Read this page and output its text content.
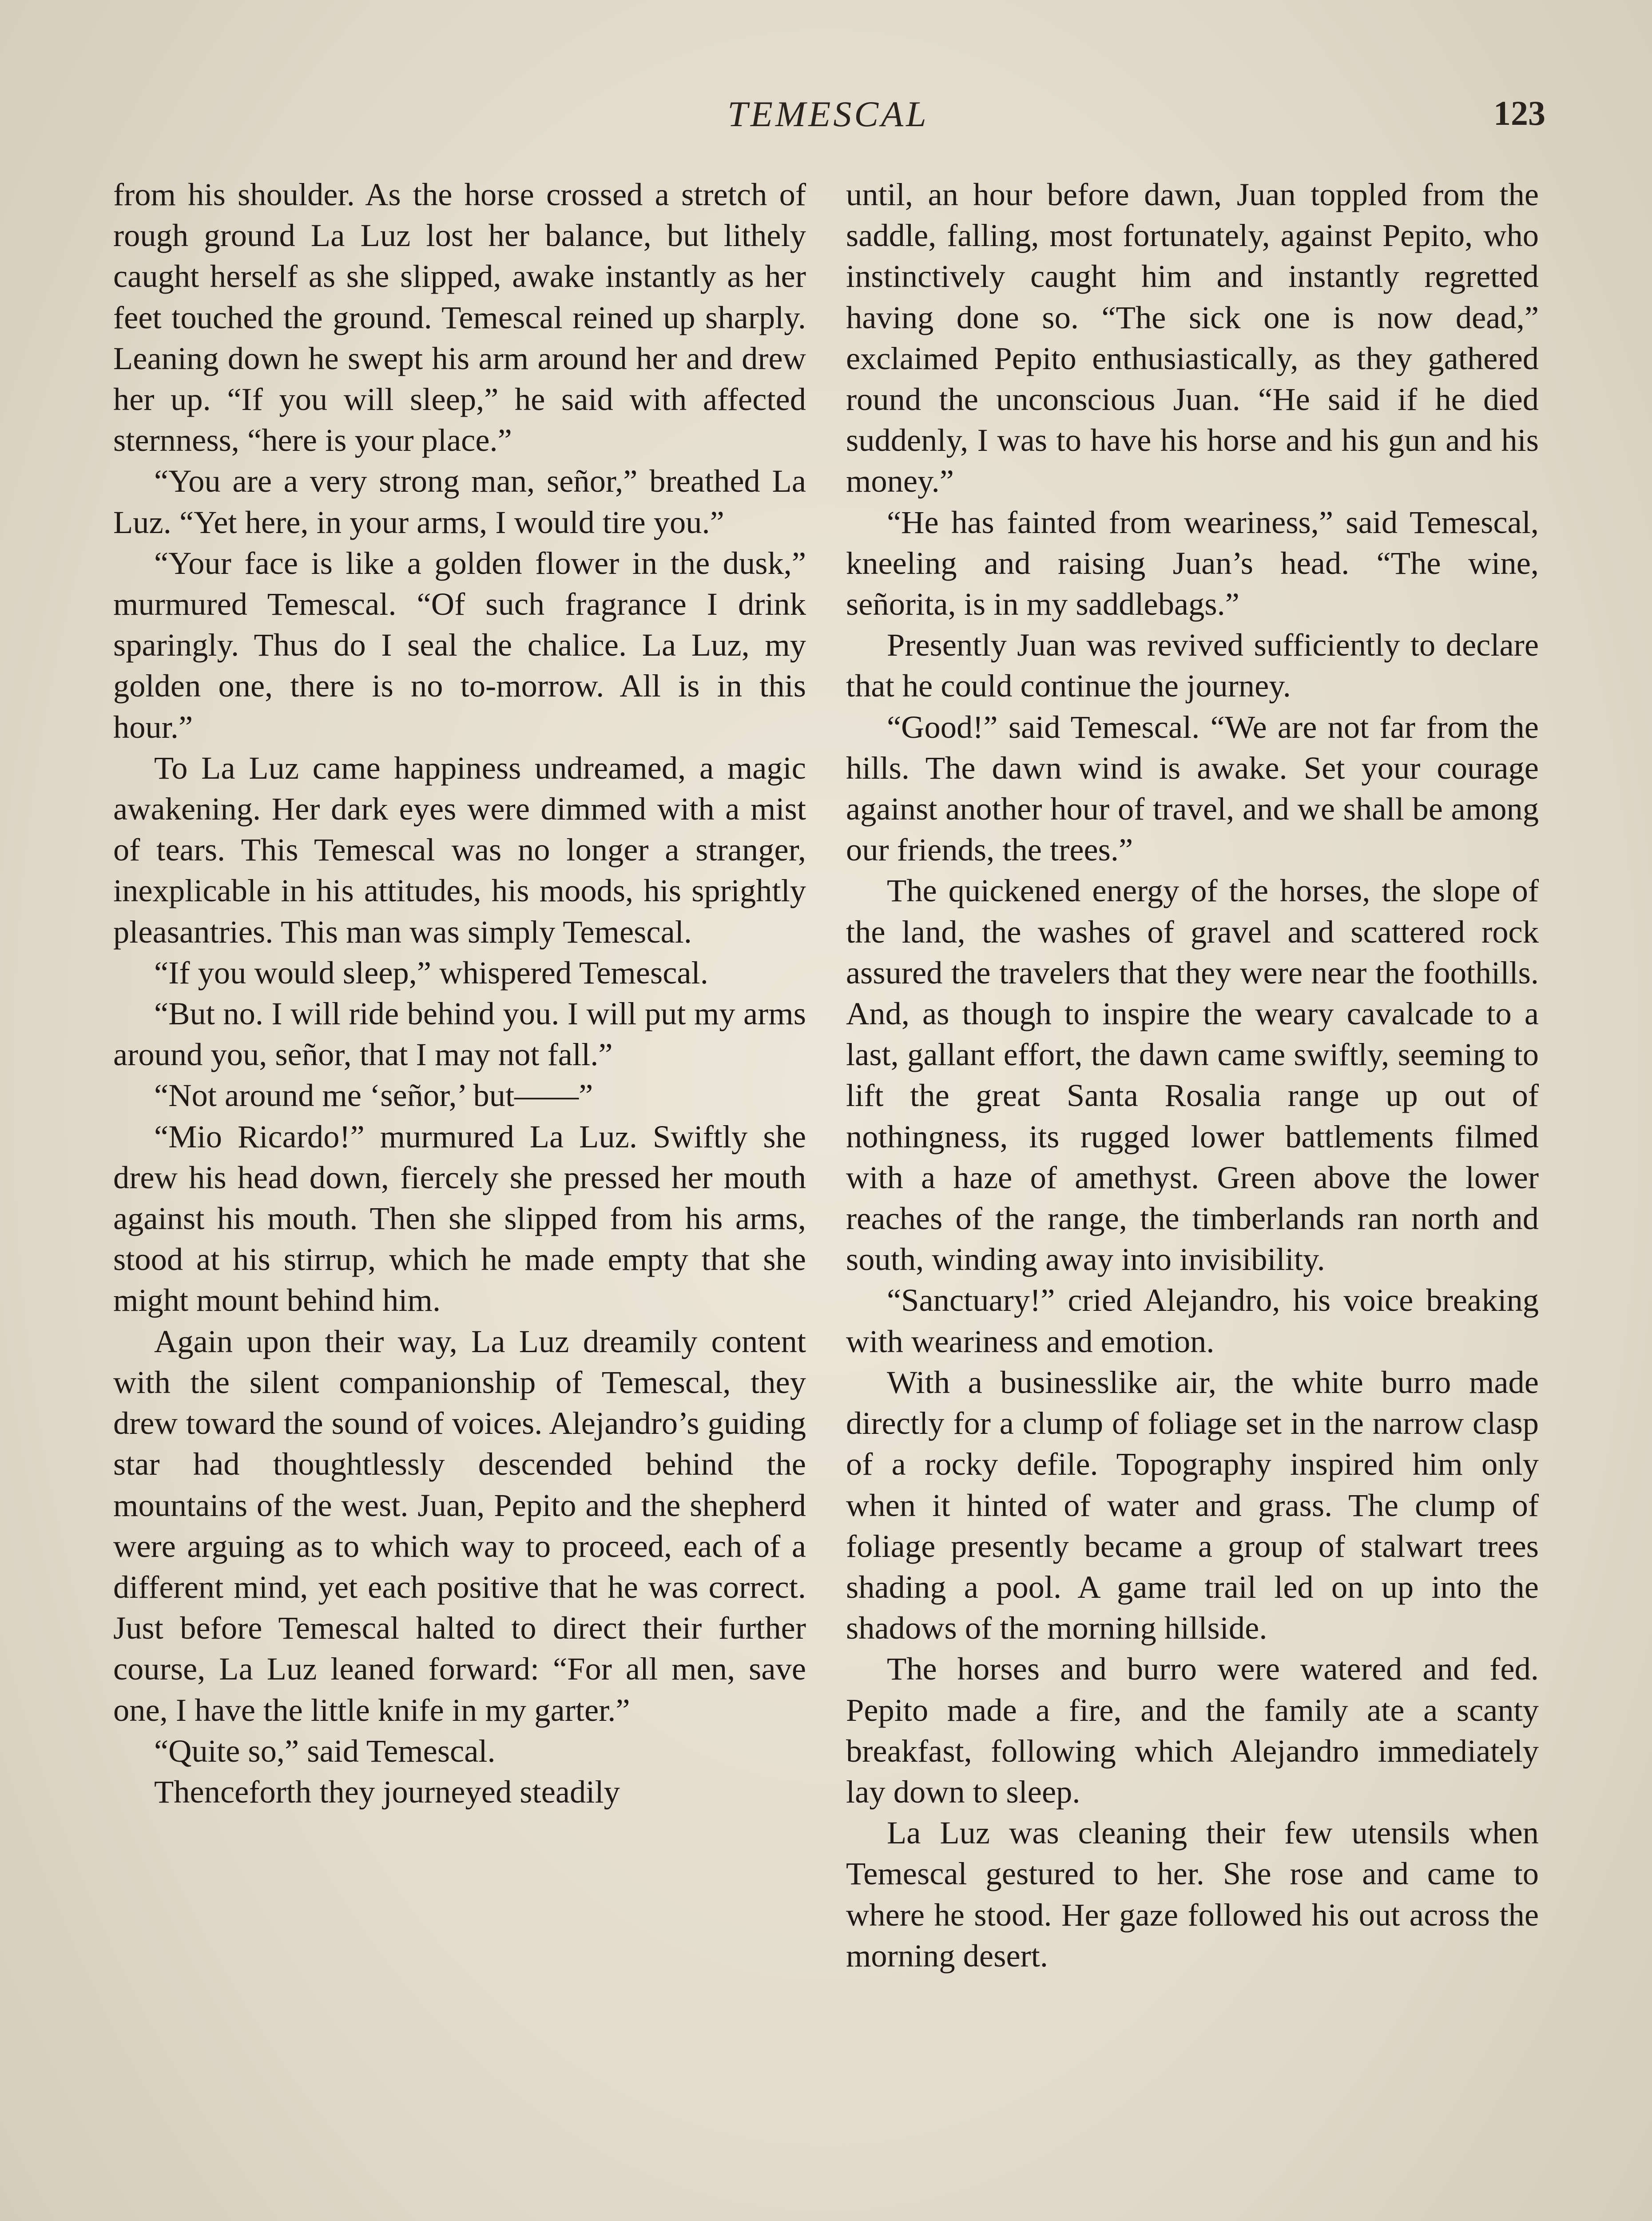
TEMESCAL	123

from his shoulder. As the horse crossed a stretch of rough ground La Luz lost her balance, but lithely caught herself as she slipped, awake instantly as her feet touched the ground. Temescal reined up sharply. Leaning down he swept his arm around her and drew her up. “If you will sleep,” he said with affected sternness, “here is your place.”

“You are a very strong man, señor,” breathed La Luz. “Yet here, in your arms, I would tire you.”

“Your face is like a golden flower in the dusk,” murmured Temescal. “Of such fragrance I drink sparingly. Thus do I seal the chalice. La Luz, my golden one, there is no to-morrow. All is in this hour.”

To La Luz came happiness undreamed, a magic awakening. Her dark eyes were dimmed with a mist of tears. This Temescal was no longer a stranger, inexplicable in his attitudes, his moods, his sprightly pleasantries. This man was simply Temescal.

“If you would sleep,” whispered Temescal.

“But no. I will ride behind you. I will put my arms around you, señor, that I may not fall.”

“Not around me ‘señor,’ but——”

“Mio Ricardo!” murmured La Luz. Swiftly she drew his head down, fiercely she pressed her mouth against his mouth. Then she slipped from his arms, stood at his stirrup, which he made empty that she might mount behind him.

Again upon their way, La Luz dreamily content with the silent companionship of Temescal, they drew toward the sound of voices. Alejandro’s guiding star had thoughtlessly descended behind the mountains of the west. Juan, Pepito and the shepherd were arguing as to which way to proceed, each of a different mind, yet each positive that he was correct. Just before Temescal halted to direct their further course, La Luz leaned forward: “For all men, save one, I have the little knife in my garter.”

“Quite so,” said Temescal.

Thenceforth they journeyed steadily

until, an hour before dawn, Juan toppled from the saddle, falling, most fortunately, against Pepito, who instinctively caught him and instantly regretted having done so. “The sick one is now dead,” exclaimed Pepito enthusiastically, as they gathered round the unconscious Juan. “He said if he died suddenly, I was to have his horse and his gun and his money.”

“He has fainted from weariness,” said Temescal, kneeling and raising Juan’s head. “The wine, señorita, is in my saddlebags.”

Presently Juan was revived sufficiently to declare that he could continue the journey.

“Good!” said Temescal. “We are not far from the hills. The dawn wind is awake. Set your courage against another hour of travel, and we shall be among our friends, the trees.”

The quickened energy of the horses, the slope of the land, the washes of gravel and scattered rock assured the travelers that they were near the foothills. And, as though to inspire the weary cavalcade to a last, gallant effort, the dawn came swiftly, seeming to lift the great Santa Rosalia range up out of nothingness, its rugged lower battlements filmed with a haze of amethyst. Green above the lower reaches of the range, the timberlands ran north and south, winding away into invisibility.

“Sanctuary!” cried Alejandro, his voice breaking with weariness and emotion.

With a businesslike air, the white burro made directly for a clump of foliage set in the narrow clasp of a rocky defile. Topography inspired him only when it hinted of water and grass. The clump of foliage presently became a group of stalwart trees shading a pool. A game trail led on up into the shadows of the morning hillside.

The horses and burro were watered and fed. Pepito made a fire, and the family ate a scanty breakfast, following which Alejandro immediately lay down to sleep.

La Luz was cleaning their few utensils when Temescal gestured to her. She rose and came to where he stood. Her gaze followed his out across the morning desert.
